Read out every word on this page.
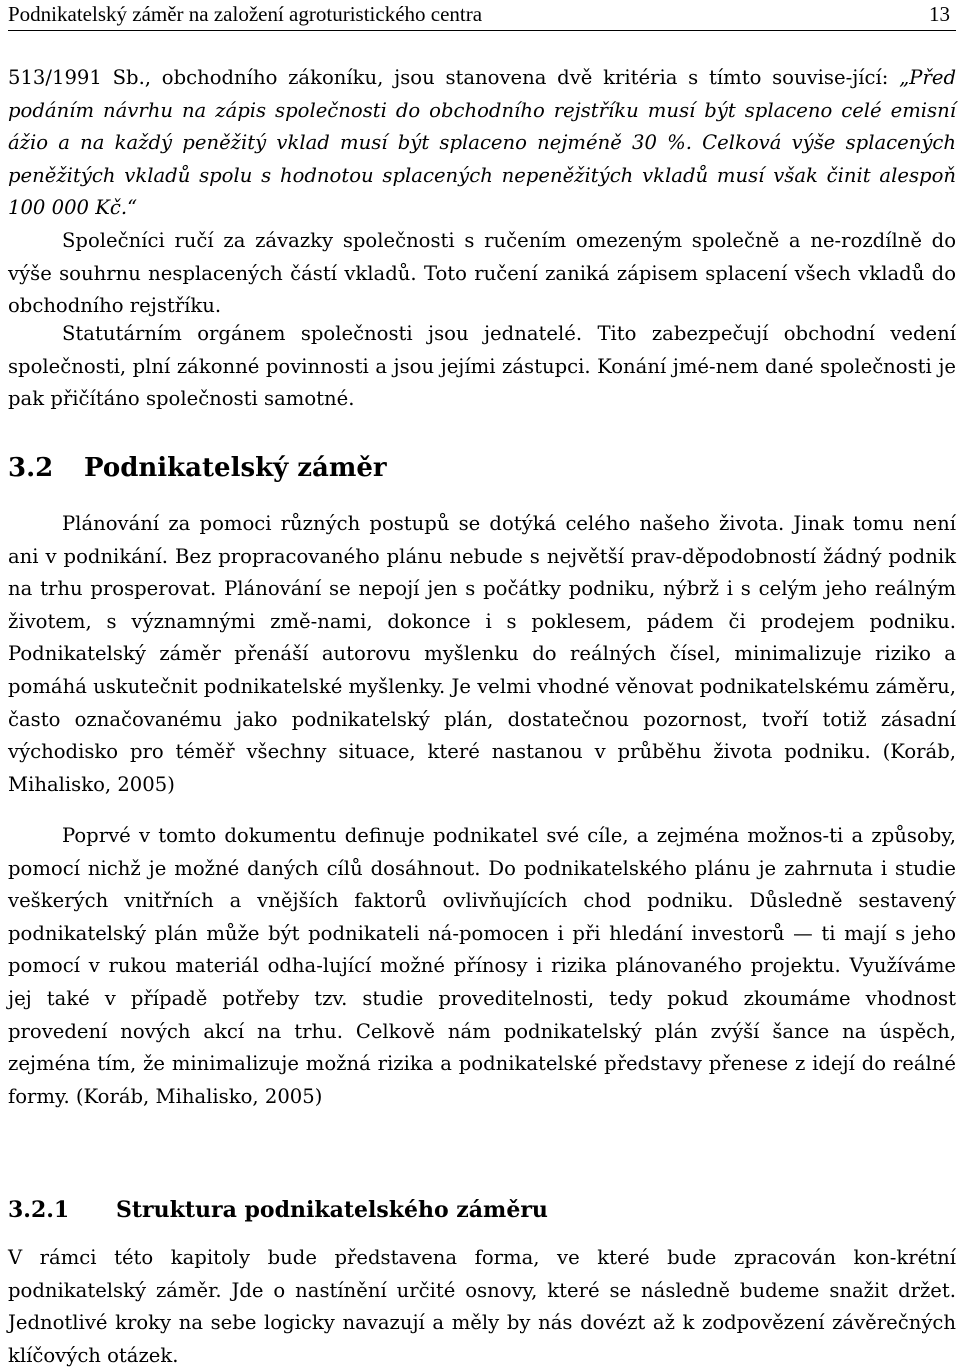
Podnikatelský záměr na založení agroturistického centra	13

513/1991 Sb., obchodního zákoníku, jsou stanovena dvě kritéria s tímto souvise-jící: „Před podáním návrhu na zápis společnosti do obchodního rejstříku musí být splaceno celé emisní ážio a na každý peněžitý vklad musí být splaceno nejméně 30 %. Celková výše splacených peněžitých vkladů spolu s hodnotou splacených nepeněžitých vkladů musí však činit alespoň 100 000 Kč.“

Společníci ručí za závazky společnosti s ručením omezeným společně a ne-rozdílně do výše souhrnu nesplacených částí vkladů. Toto ručení zaniká zápisem splacení všech vkladů do obchodního rejstříku.

Statutárním orgánem společnosti jsou jednatelé. Tito zabezpečují obchodní vedení společnosti, plní zákonné povinnosti a jsou jejími zástupci. Konání jmé-nem dané společnosti je pak přičítáno společnosti samotné.

3.2 Podnikatelský záměr

Plánování za pomoci různých postupů se dotýká celého našeho života. Jinak tomu není ani v podnikání. Bez propracovaného plánu nebude s největší prav-děpodobností žádný podnik na trhu prosperovat. Plánování se nepojí jen s počátky podniku, nýbrž i s celým jeho reálným životem, s významnými změ-nami, dokonce i s poklesem, pádem či prodejem podniku. Podnikatelský záměr přenáší autorovu myšlenku do reálných čísel, minimalizuje riziko a pomáhá uskutečnit podnikatelské myšlenky. Je velmi vhodné věnovat podnikatelskému záměru, často označovanému jako podnikatelský plán, dostatečnou pozornost, tvoří totiž zásadní východisko pro téměř všechny situace, které nastanou v průběhu života podniku. (Koráb, Mihalisko, 2005)

Poprvé v tomto dokumentu definuje podnikatel své cíle, a zejména možnos-ti a způsoby, pomocí nichž je možné daných cílů dosáhnout. Do podnikatelského plánu je zahrnuta i studie veškerých vnitřních a vnějších faktorů ovlivňujících chod podniku. Důsledně sestavený podnikatelský plán může být podnikateli ná-pomocen i při hledání investorů — ti mají s jeho pomocí v rukou materiál odha-lující možné přínosy i rizika plánovaného projektu. Využíváme jej také v případě potřeby tzv. studie proveditelnosti, tedy pokud zkoumáme vhodnost provedení nových akcí na trhu. Celkově nám podnikatelský plán zvýší šance na úspěch, zejména tím, že minimalizuje možná rizika a podnikatelské představy přenese z idejí do reálné formy. (Koráb, Mihalisko, 2005)

3.2.1 Struktura podnikatelského záměru

V rámci této kapitoly bude představena forma, ve které bude zpracován kon-krétní podnikatelský záměr. Jde o nastínění určité osnovy, které se následně budeme snažit držet. Jednotlivé kroky na sebe logicky navazují a měly by nás dovézt až k zodpovězení závěrečných klíčových otázek.
